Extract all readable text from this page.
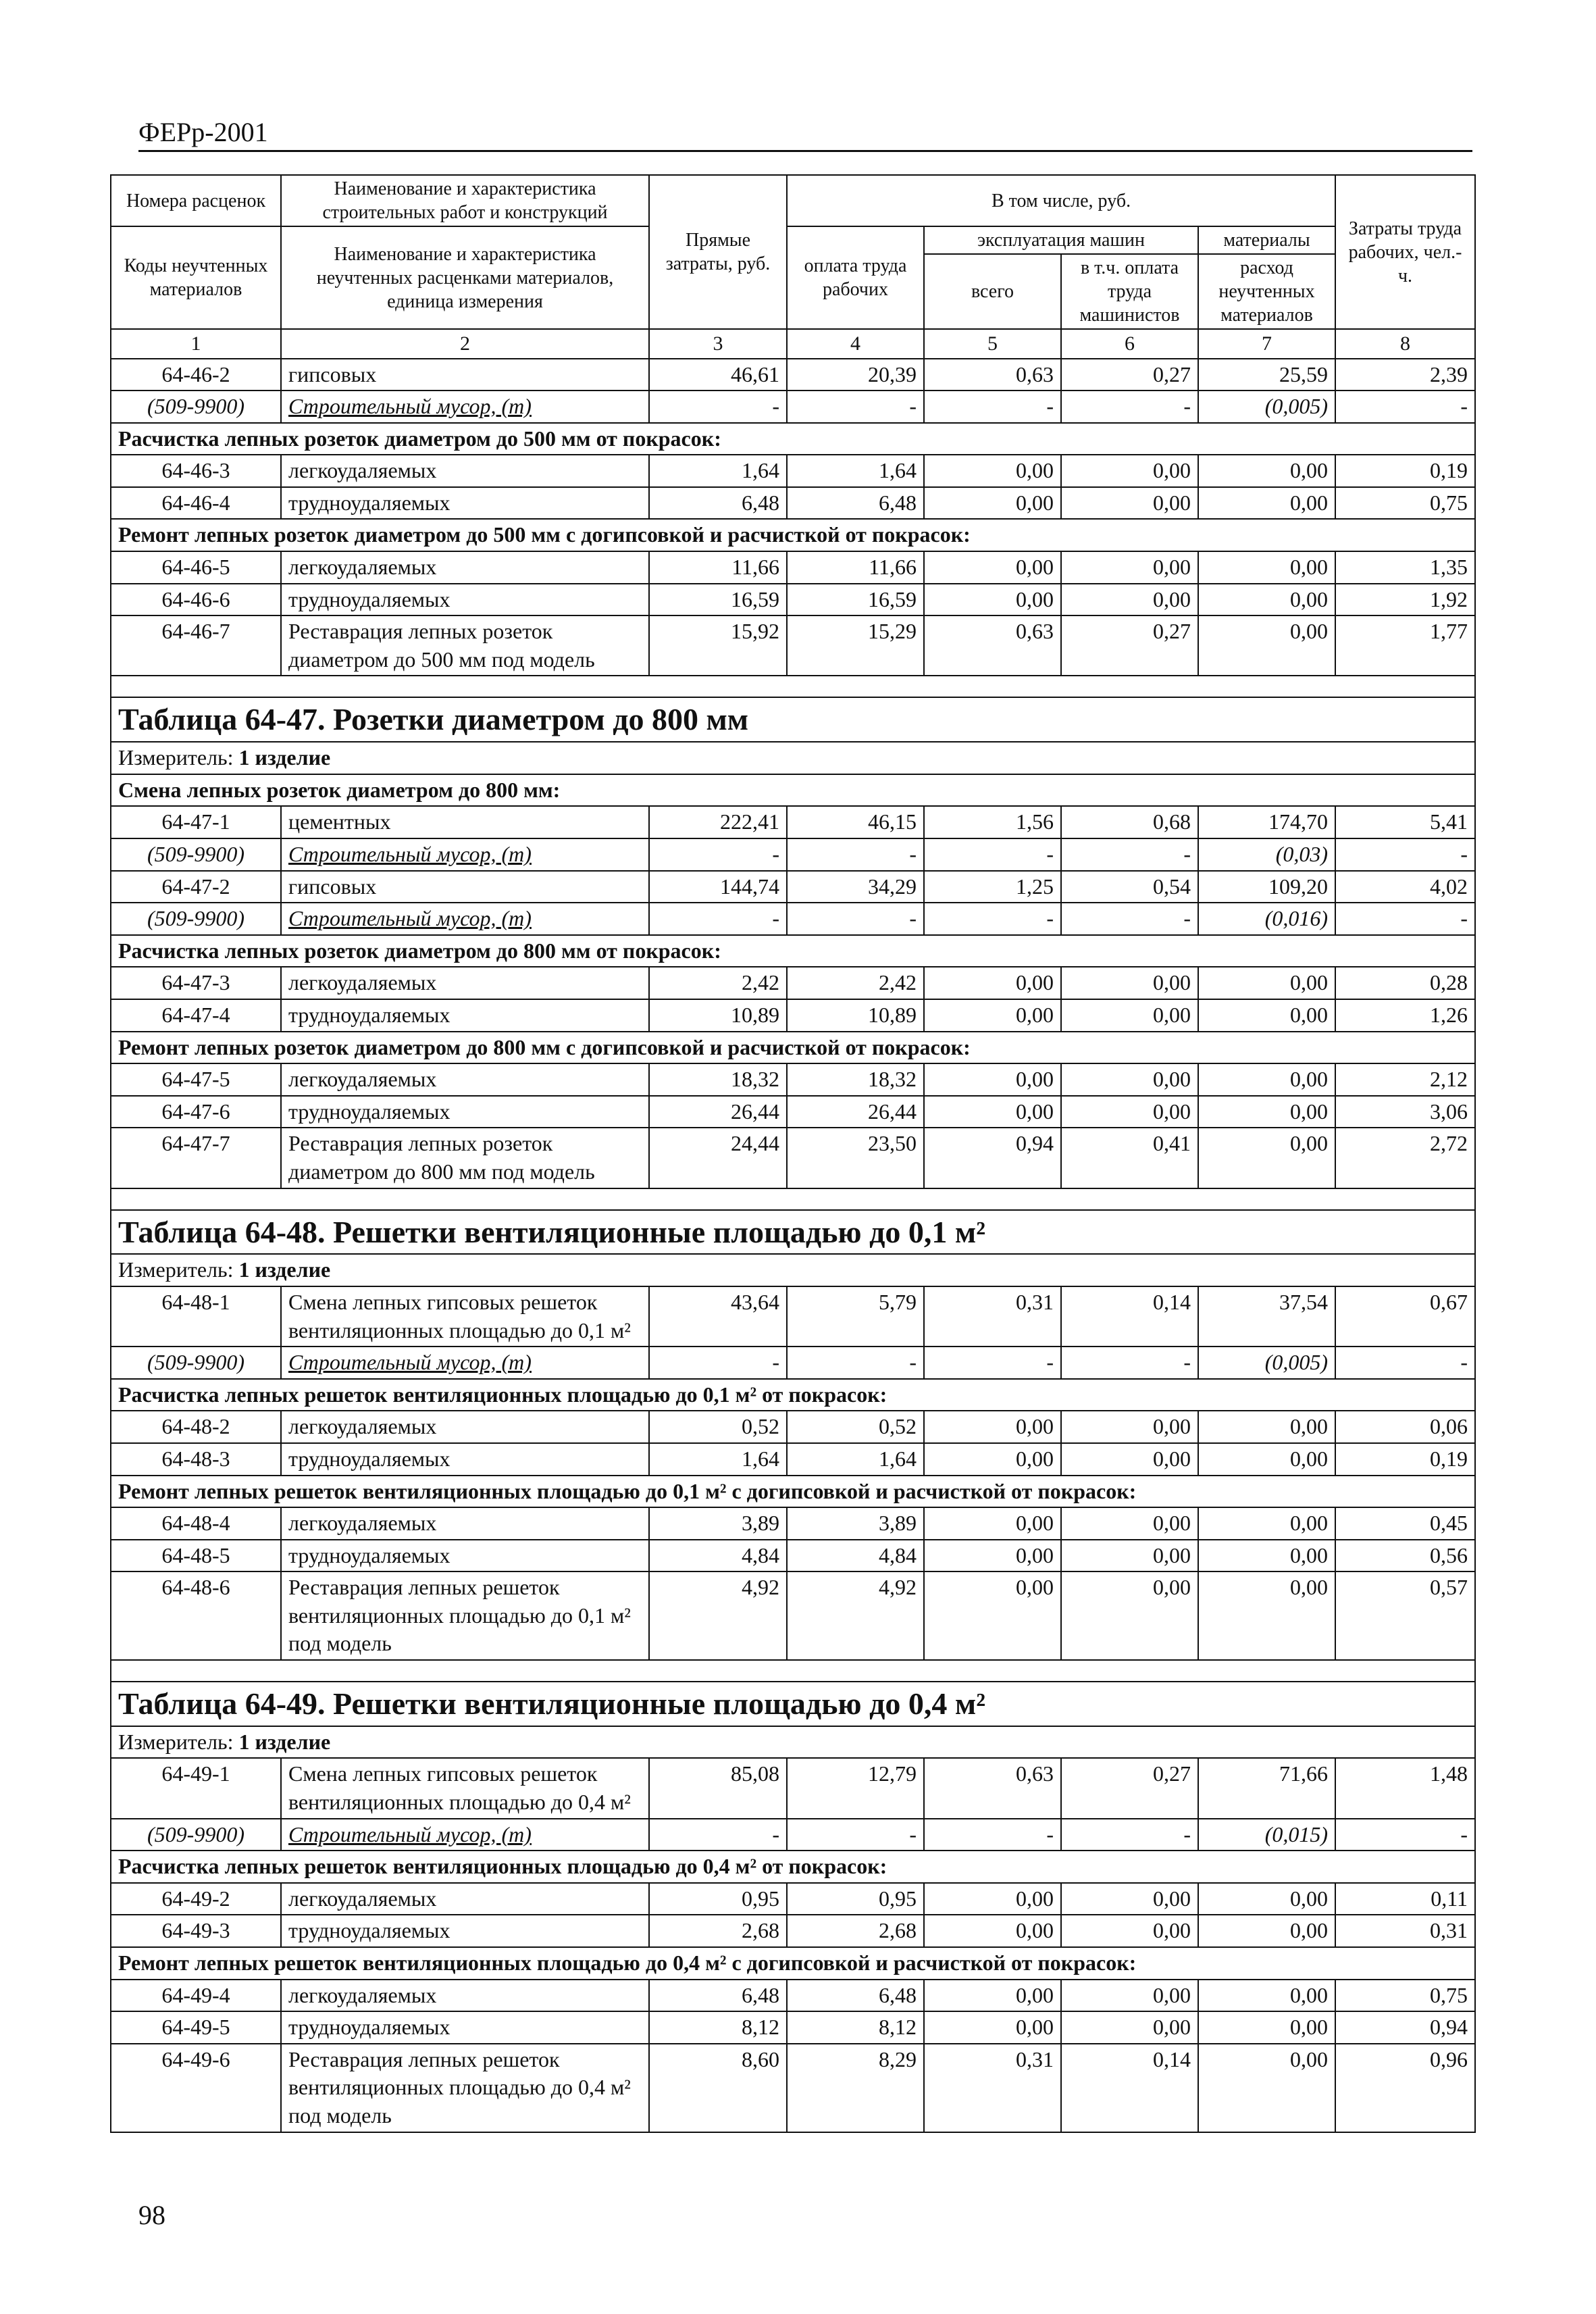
ФЕРр-2001
Номера расценок	Наименование и характеристика строительных работ и конструкций	Прямые затраты, руб.	В том числе, руб.				Затраты труда рабочих, чел.-ч.
Коды неучтенных материалов	Наименование и характеристика неучтенных расценками материалов, единица измерения		оплата труда рабочих	эксплуатация машин		материалы	
				всего	в т.ч. оплата труда машинистов	расход неучтенных материалов	
1	2	3	4	5	6	7	8
64-46-2	гипсовых	46,61	20,39	0,63	0,27	25,59	2,39
(509-9900)	Строительный мусор, (т)	-	-	-	-	(0,005)	-
Расчистка лепных розеток диаметром до 500 мм от покрасок:							
64-46-3	легкоудаляемых	1,64	1,64	0,00	0,00	0,00	0,19
64-46-4	трудноудаляемых	6,48	6,48	0,00	0,00	0,00	0,75
Ремонт лепных розеток диаметром до 500 мм с догипсовкой и расчисткой от покрасок:							
64-46-5	легкоудаляемых	11,66	11,66	0,00	0,00	0,00	1,35
64-46-6	трудноудаляемых	16,59	16,59	0,00	0,00	0,00	1,92
64-46-7	Реставрация лепных розеток диаметром до 500 мм под модель	15,92	15,29	0,63	0,27	0,00	1,77

Таблица 64-47. Розетки диаметром до 800 мм							
Измеритель: 1 изделие							
Смена лепных розеток диаметром до 800 мм:							
64-47-1	цементных	222,41	46,15	1,56	0,68	174,70	5,41
(509-9900)	Строительный мусор, (т)	-	-	-	-	(0,03)	-
64-47-2	гипсовых	144,74	34,29	1,25	0,54	109,20	4,02
(509-9900)	Строительный мусор, (т)	-	-	-	-	(0,016)	-
Расчистка лепных розеток диаметром до 800 мм от покрасок:							
64-47-3	легкоудаляемых	2,42	2,42	0,00	0,00	0,00	0,28
64-47-4	трудноудаляемых	10,89	10,89	0,00	0,00	0,00	1,26
Ремонт лепных розеток диаметром до 800 мм с догипсовкой и расчисткой от покрасок:							
64-47-5	легкоудаляемых	18,32	18,32	0,00	0,00	0,00	2,12
64-47-6	трудноудаляемых	26,44	26,44	0,00	0,00	0,00	3,06
64-47-7	Реставрация лепных розеток диаметром до 800 мм под модель	24,44	23,50	0,94	0,41	0,00	2,72

Таблица 64-48. Решетки вентиляционные площадью до 0,1 м²							
Измеритель: 1 изделие							
64-48-1	Смена лепных гипсовых решеток вентиляционных площадью до 0,1 м²	43,64	5,79	0,31	0,14	37,54	0,67
(509-9900)	Строительный мусор, (т)	-	-	-	-	(0,005)	-
Расчистка лепных решеток вентиляционных площадью до 0,1 м² от покрасок:							
64-48-2	легкоудаляемых	0,52	0,52	0,00	0,00	0,00	0,06
64-48-3	трудноудаляемых	1,64	1,64	0,00	0,00	0,00	0,19
Ремонт лепных решеток вентиляционных площадью до 0,1 м² с догипсовкой и расчисткой от покрасок:							
64-48-4	легкоудаляемых	3,89	3,89	0,00	0,00	0,00	0,45
64-48-5	трудноудаляемых	4,84	4,84	0,00	0,00	0,00	0,56
64-48-6	Реставрация лепных решеток вентиляционных площадью до 0,1 м² под модель	4,92	4,92	0,00	0,00	0,00	0,57

Таблица 64-49. Решетки вентиляционные площадью до 0,4 м²							
Измеритель: 1 изделие							
64-49-1	Смена лепных гипсовых решеток вентиляционных площадью до 0,4 м²	85,08	12,79	0,63	0,27	71,66	1,48
(509-9900)	Строительный мусор, (т)	-	-	-	-	(0,015)	-
Расчистка лепных решеток вентиляционных площадью до 0,4 м² от покрасок:							
64-49-2	легкоудаляемых	0,95	0,95	0,00	0,00	0,00	0,11
64-49-3	трудноудаляемых	2,68	2,68	0,00	0,00	0,00	0,31
Ремонт лепных решеток вентиляционных площадью до 0,4 м² с догипсовкой и расчисткой от покрасок:							
64-49-4	легкоудаляемых	6,48	6,48	0,00	0,00	0,00	0,75
64-49-5	трудноудаляемых	8,12	8,12	0,00	0,00	0,00	0,94
64-49-6	Реставрация лепных решеток вентиляционных площадью до 0,4 м² под модель	8,60	8,29	0,31	0,14	0,00	0,96
98
